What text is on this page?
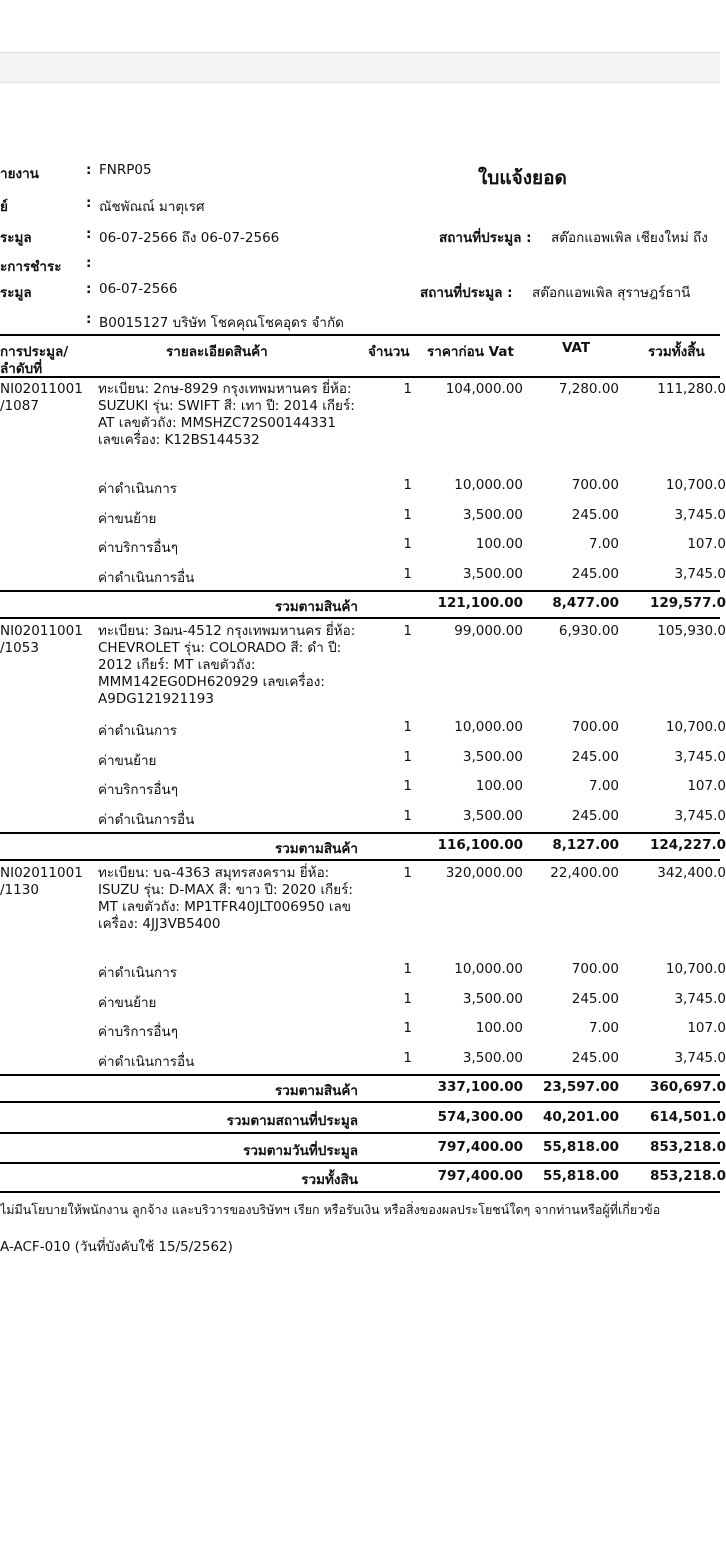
ใบแจ้งยอด
ายงาน	: FNRP05
ย์	: ณัชพัณณ์ มาตุเรศ
ระมูล	: 06-07-2566 ถึง 06-07-2566
ะการชำระ :
ระมูล	: 06-07-2566
: B0015127 บริษัท โชคคุณโชคอุดร จำกัด
สถานที่ประมูล : สต๊อกแอพเพิล เชียงใหม่ ถึง
สถานที่ประมูล : สต๊อกแอพเพิล สุราษฎร์ธานี
การประมูล/
ลำดับที่
รายละเอียดสินค้า	จำนวน ราคาก่อน Vat	VAT	รวมทั้งสิ้น
NI02011001
/1087
ทะเบียน: 2กษ-8929 กรุงเทพมหานคร ยี่ห้อ: SUZUKI รุ่น: SWIFT สี: เทา ปี: 2014 เกียร์: AT เลขตัวถัง: MMSHZC72S00144331 เลขเครื่อง: K12BS144532
1 104,000.00	7,280.00	111,280.0
ค่าดำเนินการ	1	10,000.00	700.00	10,700.0
ค่าขนย้าย	1	3,500.00	245.00	3,745.0
ค่าบริการอื่นๆ	1	100.00	7.00	107.0
ค่าดำเนินการอื่น	1	3,500.00	245.00	3,745.0
รวมตามสินค้า	121,100.00 8,477.00 129,577.0
NI02011001
/1053
ทะเบียน: 3ฌน-4512 กรุงเทพมหานคร ยี่ห้อ: CHEVROLET รุ่น: COLORADO สี: ดำ ปี: 2012 เกียร์: MT เลขตัวถัง: MMM142EG0DH620929 เลขเครื่อง: A9DG121921193
1	99,000.00	6,930.00	105,930.0
ค่าดำเนินการ	1	10,000.00	700.00	10,700.0
ค่าขนย้าย	1	3,500.00	245.00	3,745.0
ค่าบริการอื่นๆ	1	100.00	7.00	107.0
ค่าดำเนินการอื่น	1	3,500.00	245.00	3,745.0
รวมตามสินค้า	116,100.00 8,127.00 124,227.0
NI02011001
/1130
ทะเบียน: บฉ-4363 สมุทรสงคราม ยี่ห้อ: ISUZU รุ่น: D-MAX สี: ขาว ปี: 2020 เกียร์: MT เลขตัวถัง: MP1TFR40JLT006950 เลขเครื่อง: 4JJ3VB5400
1 320,000.00 22,400.00	342,400.0
ค่าดำเนินการ	1	10,000.00	700.00	10,700.0
ค่าขนย้าย	1	3,500.00	245.00	3,745.0
ค่าบริการอื่นๆ	1	100.00	7.00	107.0
ค่าดำเนินการอื่น	1	3,500.00	245.00	3,745.0
รวมตามสินค้า	337,100.00 23,597.00 360,697.0
รวมตามสถานที่ประมูล	574,300.00 40,201.00 614,501.0
รวมตามวันที่ประมูล	797,400.00 55,818.00 853,218.0
รวมทั้งสิน	797,400.00 55,818.00 853,218.0
ไม่มีนโยบายให้พนักงาน ลูกจ้าง และบริวารของบริษัทฯ เรียก หรือรับเงิน หรือสิ่งของผลประโยชน์ใดๆ จากท่านหรือผู้ที่เกี่ยวข้อ
A-ACF-010 (วันที่บังคับใช้ 15/5/2562)
